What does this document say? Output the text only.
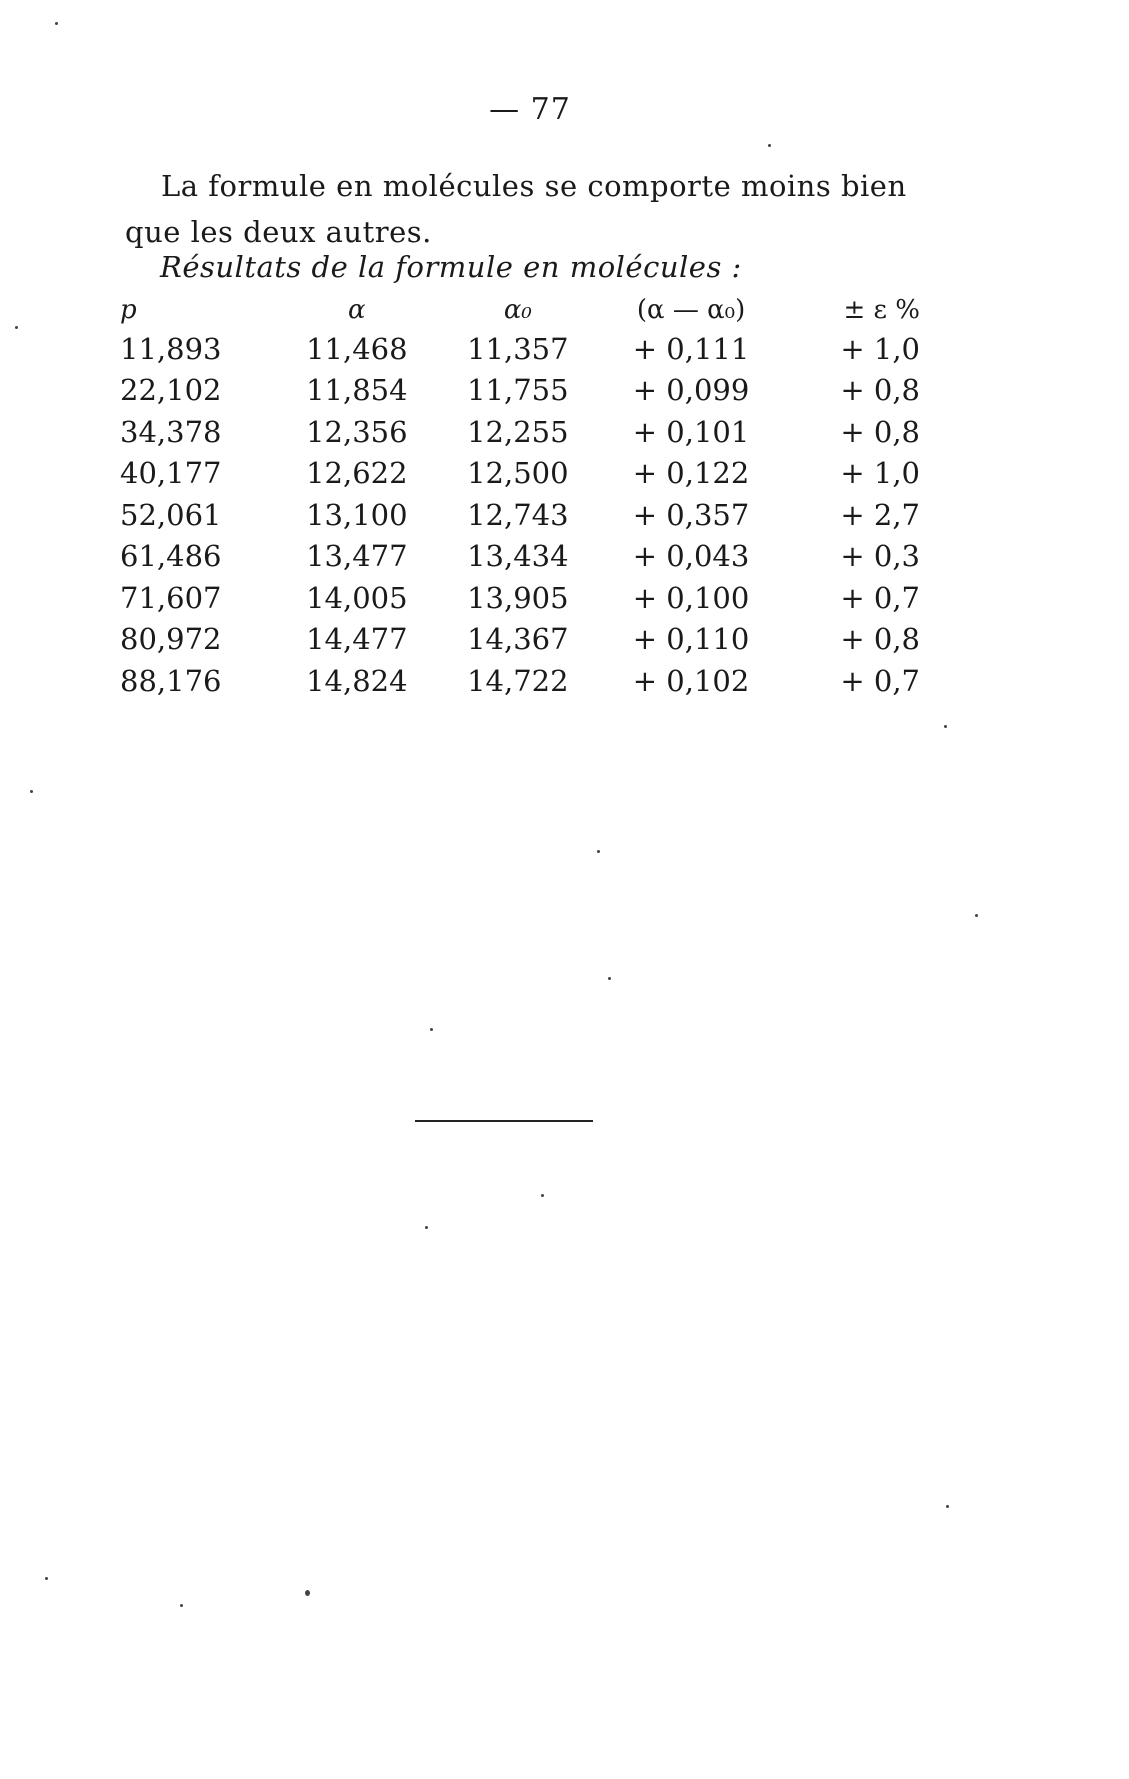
— 77
La formule en molécules se comporte moins bien que les deux autres.
Résultats de la formule en molécules :
p	α	α₀	(α — α₀)	± ε %
11,893	11,468	11,357	+ 0,111	+ 1,0
22,102	11,854	11,755	+ 0,099	+ 0,8
34,378	12,356	12,255	+ 0,101	+ 0,8
40,177	12,622	12,500	+ 0,122	+ 1,0
52,061	13,100	12,743	+ 0,357	+ 2,7
61,486	13,477	13,434	+ 0,043	+ 0,3
71,607	14,005	13,905	+ 0,100	+ 0,7
80,972	14,477	14,367	+ 0,110	+ 0,8
88,176	14,824	14,722	+ 0,102	+ 0,7
